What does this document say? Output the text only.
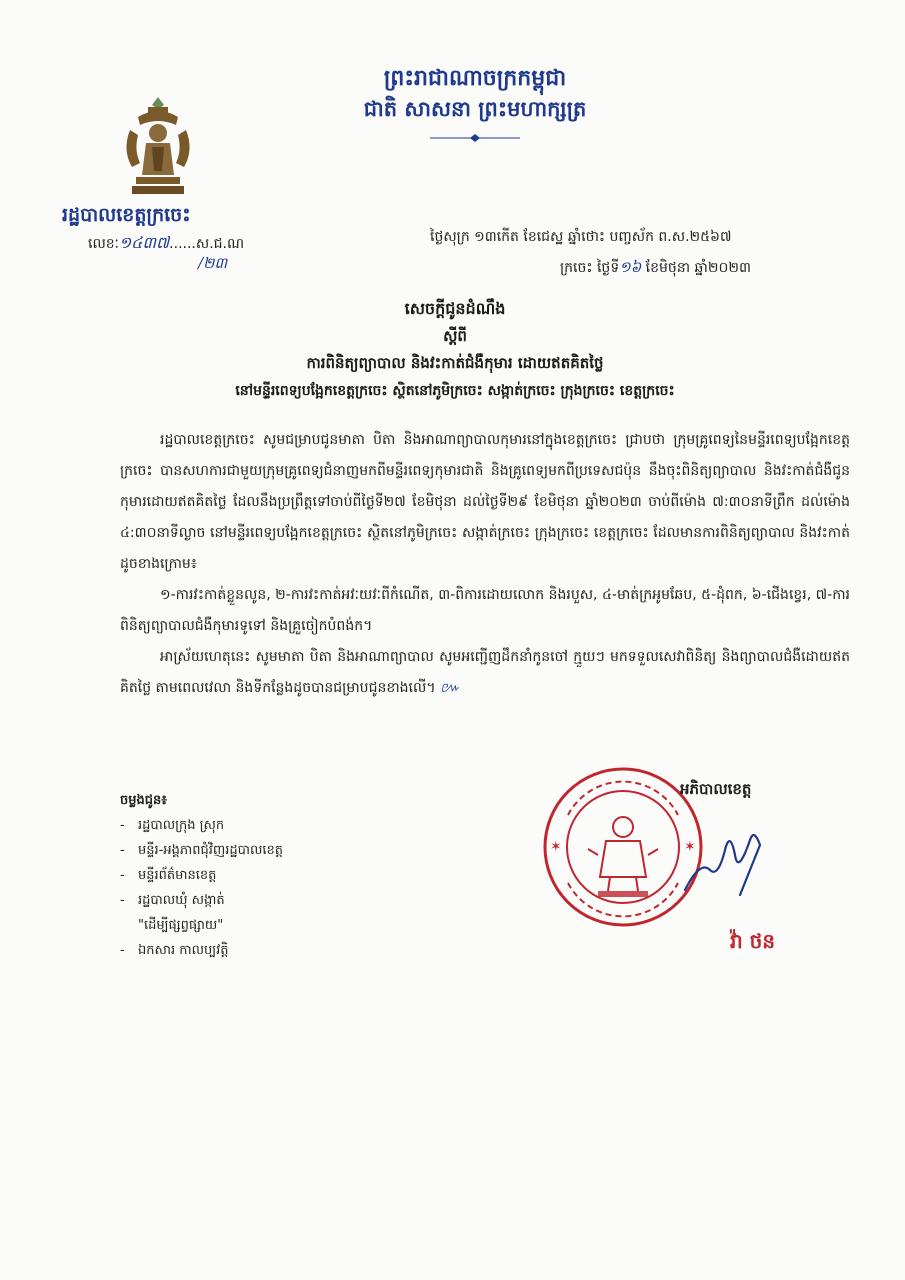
ព្រះរាជាណាចក្រកម្ពុជា
ជាតិ សាសនា ព្រះមហាក្សត្រ
រដ្ឋបាលខេត្តក្រចេះ
លេខៈ១៤៣៧......ស.ជ.ណ
/២៣
ថ្ងៃសុក្រ ១៣កើត ខែជេស្ឋ ឆ្នាំថោះ បញ្ចស័ក ព.ស.២៥៦៧
ក្រចេះ ថ្ងៃទី១៦ ខែមិថុនា ឆ្នាំ២០២៣
សេចក្តីជូនដំណឹង
ស្តីពី
ការពិនិត្យព្យាបាល និងវះកាត់ជំងឺកុមារ ដោយឥតគិតថ្លៃ
នៅមន្ទីរពេទ្យបង្អែកខេត្តក្រចេះ ស្ថិតនៅភូមិក្រចេះ សង្កាត់ក្រចេះ ក្រុងក្រចេះ ខេត្តក្រចេះ

រដ្ឋបាលខេត្តក្រចេះ សូមជម្រាបជូនមាតា បិតា និងអាណាព្យាបាលកុមារនៅក្នុងខេត្តក្រចេះ ជ្រាបថា ក្រុមគ្រូពេទ្យនៃមន្ទីរពេទ្យបង្អែកខេត្តក្រចេះ បានសហការជាមួយក្រុមគ្រូពេទ្យជំនាញមកពីមន្ទីរពេទ្យកុមារជាតិ និងគ្រូពេទ្យមកពីប្រទេសជប៉ុន នឹងចុះពិនិត្យព្យាបាល និងវះកាត់ជំងឺជូនកុមារដោយឥតគិតថ្លៃ ដែលនឹងប្រព្រឹត្តទៅចាប់ពីថ្ងៃទី២៧ ខែមិថុនា ដល់ថ្ងៃទី២៩ ខែមិថុនា ឆ្នាំ២០២៣ ចាប់ពីម៉ោង ៧:៣០នាទីព្រឹក ដល់ម៉ោង ៤:៣០នាទីល្ងាច នៅមន្ទីរពេទ្យបង្អែកខេត្តក្រចេះ ស្ថិតនៅភូមិក្រចេះ សង្កាត់ក្រចេះ ក្រុងក្រចេះ ខេត្តក្រចេះ ដែលមានការពិនិត្យព្យាបាល និងវះកាត់ដូចខាងក្រោម៖

១-ការវះកាត់ខ្លួនលូន, ២-ការវះកាត់អវៈយវៈពីកំណើត, ៣-ពិការដោយលោក និងរបួស, ៤-មាត់ក្រអូមឆែប, ៥-ដុំពក, ៦-ជើងខ្វេរ, ៧-ការពិនិត្យព្យាបាលជំងឺកុមារទូទៅ និងគ្រួចៀកបំពង់ក។

អាស្រ័យហេតុនេះ សូមមាតា បិតា និងអាណាព្យាបាល សូមអញ្ជើញដឹកនាំកូនចៅ ក្មួយៗ មកទទួលសេវាពិនិត្យ និងព្យាបាលជំងឺដោយឥតគិតថ្លៃ តាមពេលវេលា និងទីកន្លែងដូចបានជម្រាបជូនខាងលើ។ ៚

ចម្លងជូន៖
- រដ្ឋបាលក្រុង ស្រុក
- មន្ទីរ-អង្គភាពជុំវិញរដ្ឋបាលខេត្ត
- មន្ទីរព័ត៌មានខេត្ត
- រដ្ឋបាលឃុំ សង្កាត់
"ដើម្បីផ្សព្វផ្សាយ"
- ឯកសារ កាលប្បវត្តិ
✶	✶
អភិបាលខេត្ត
វ៉ា ថន
